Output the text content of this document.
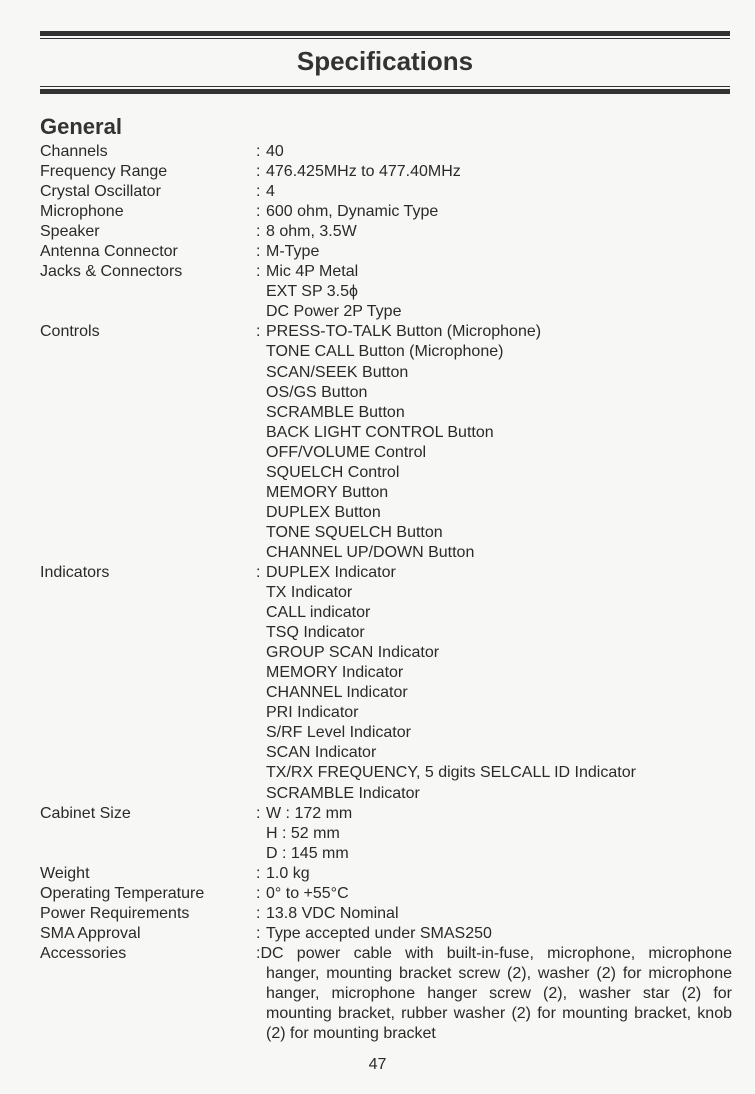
Specifications
General
Channels	: 40
Frequency Range	: 476.425MHz to 477.40MHz
Crystal Oscillator	: 4
Microphone	: 600 ohm, Dynamic Type
Speaker	: 8 ohm, 3.5W
Antenna Connector	: M-Type
Jacks & Connectors	: Mic 4P Metal
EXT SP 3.5ϕ
DC Power 2P Type
Controls	: PRESS-TO-TALK Button (Microphone)
TONE CALL Button (Microphone)
SCAN/SEEK Button
OS/GS Button
SCRAMBLE Button
BACK LIGHT CONTROL Button
OFF/VOLUME Control
SQUELCH Control
MEMORY Button
DUPLEX Button
TONE SQUELCH Button
CHANNEL UP/DOWN Button
Indicators	: DUPLEX Indicator
TX Indicator
CALL indicator
TSQ Indicator
GROUP SCAN Indicator
MEMORY Indicator
CHANNEL Indicator
PRI Indicator
S/RF Level Indicator
SCAN Indicator
TX/RX FREQUENCY, 5 digits SELCALL ID Indicator
SCRAMBLE Indicator
Cabinet Size	: W : 172 mm
H : 52 mm
D : 145 mm
Weight	: 1.0 kg
Operating Temperature	: 0° to +55°C
Power Requirements	: 13.8 VDC Nominal
SMA Approval	: Type accepted under SMAS250
Accessories	:DC power cable with built-in-fuse, microphone, microphone hanger, mounting bracket screw (2), washer (2) for microphone hanger, microphone hanger screw (2), washer star (2) for mounting bracket, rubber washer (2) for mounting bracket, knob (2) for mounting bracket
47
